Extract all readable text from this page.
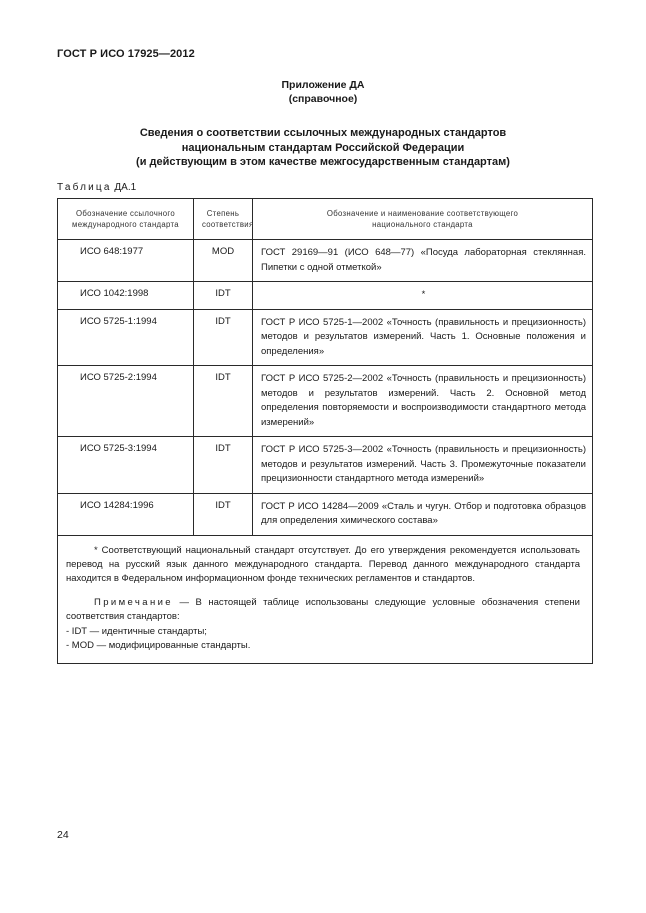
ГОСТ Р ИСО 17925—2012
Приложение ДА
(справочное)
Сведения о соответствии ссылочных международных стандартов
национальным стандартам Российской Федерации
(и действующим в этом качестве межгосударственным стандартам)
Таблица ДА.1
Обозначение ссылочного международного стандарта	Степень соответствия	Обозначение и наименование соответствующего национального стандарта
ИСО 648:1977	MOD	ГОСТ 29169—91 (ИСО 648—77) «Посуда лабораторная стеклянная. Пипетки с одной отметкой»
ИСО 1042:1998	IDT	*
ИСО 5725-1:1994	IDT	ГОСТ Р ИСО 5725-1—2002 «Точность (правильность и прецизионность) методов и результатов измерений. Часть 1. Основные положения и определения»
ИСО 5725-2:1994	IDT	ГОСТ Р ИСО 5725-2—2002 «Точность (правильность и прецизионность) методов и результатов измерений. Часть 2. Основной метод определения повторяемости и воспроизводимости стандартного метода измерений»
ИСО 5725-3:1994	IDT	ГОСТ Р ИСО 5725-3—2002 «Точность (правильность и прецизионность) методов и результатов измерений. Часть 3. Промежуточные показатели прецизионности стандартного метода измерений»
ИСО 14284:1996	IDT	ГОСТ Р ИСО 14284—2009 «Сталь и чугун. Отбор и подготовка образцов для определения химического состава»

* Соответствующий национальный стандарт отсутствует. До его утверждения рекомендуется использовать перевод на русский язык данного международного стандарта. Перевод данного международного стандарта находится в Федеральном информационном фонде технических регламентов и стандартов.

Примечание — В настоящей таблице использованы следующие условные обозначения степени соответствия стандартов:

- IDT — идентичные стандарты;

- MOD — модифицированные стандарты.		

24
